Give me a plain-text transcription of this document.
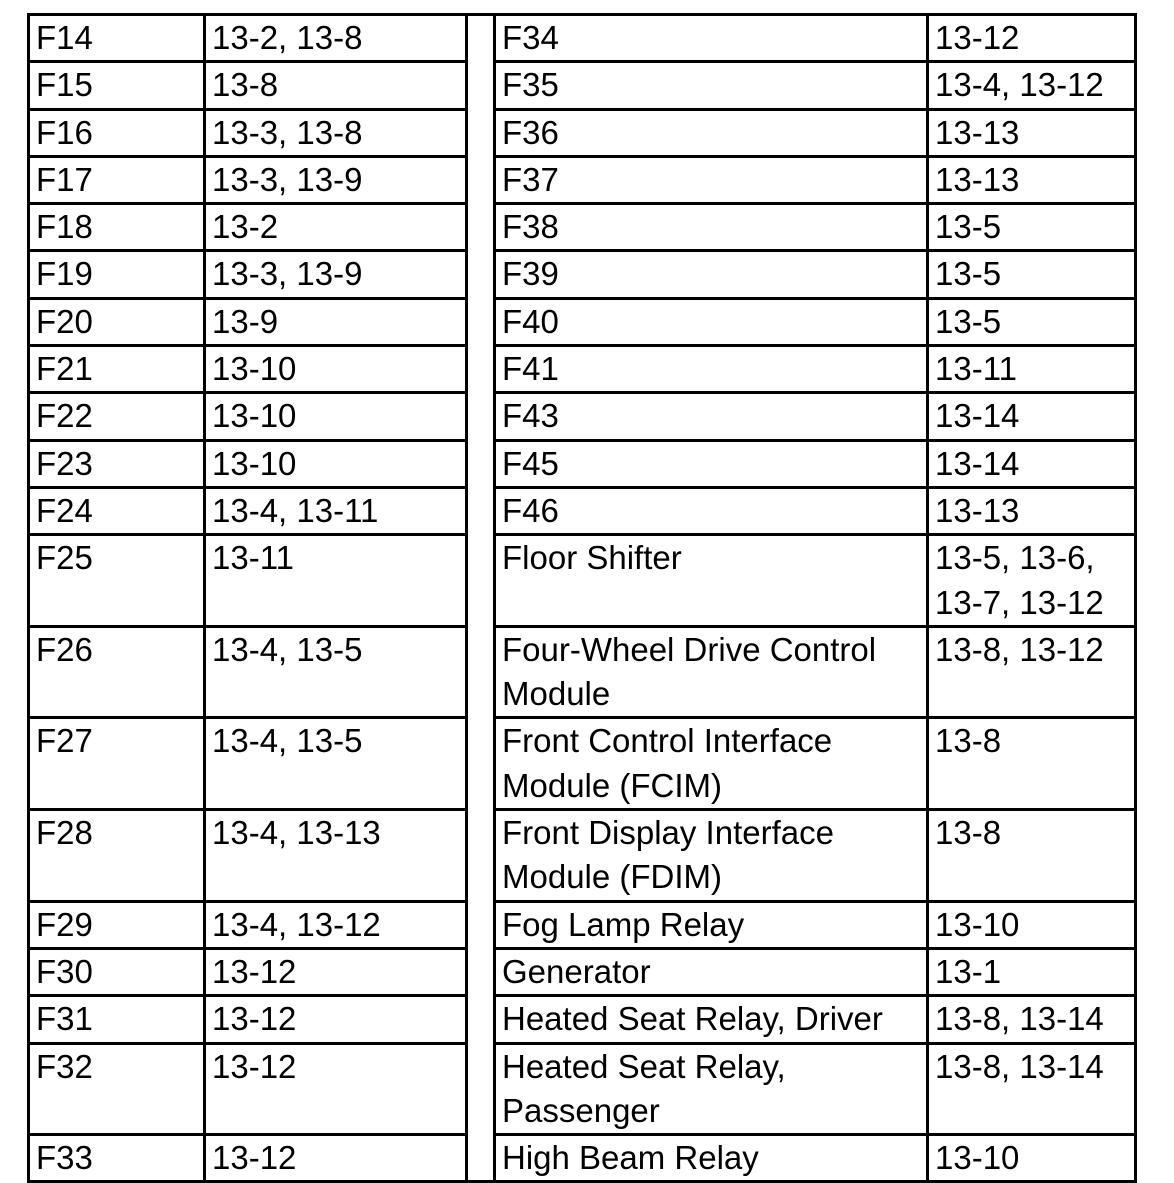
F14	13-2, 13-8		F34	13-12
F15	13-8		F35	13-4, 13-12
F16	13-3, 13-8		F36	13-13
F17	13-3, 13-9		F37	13-13
F18	13-2		F38	13-5
F19	13-3, 13-9		F39	13-5
F20	13-9		F40	13-5
F21	13-10		F41	13-11
F22	13-10		F43	13-14
F23	13-10		F45	13-14
F24	13-4, 13-11		F46	13-13
F25	13-11		Floor Shifter	13-5, 13-6,
13-7, 13-12
F26	13-4, 13-5		Four-Wheel Drive Control
Module	13-8, 13-12
F27	13-4, 13-5		Front Control Interface
Module (FCIM)	13-8
F28	13-4, 13-13		Front Display Interface
Module (FDIM)	13-8
F29	13-4, 13-12		Fog Lamp Relay	13-10
F30	13-12		Generator	13-1
F31	13-12		Heated Seat Relay, Driver	13-8, 13-14
F32	13-12		Heated Seat Relay,
Passenger	13-8, 13-14
F33	13-12		High Beam Relay	13-10
